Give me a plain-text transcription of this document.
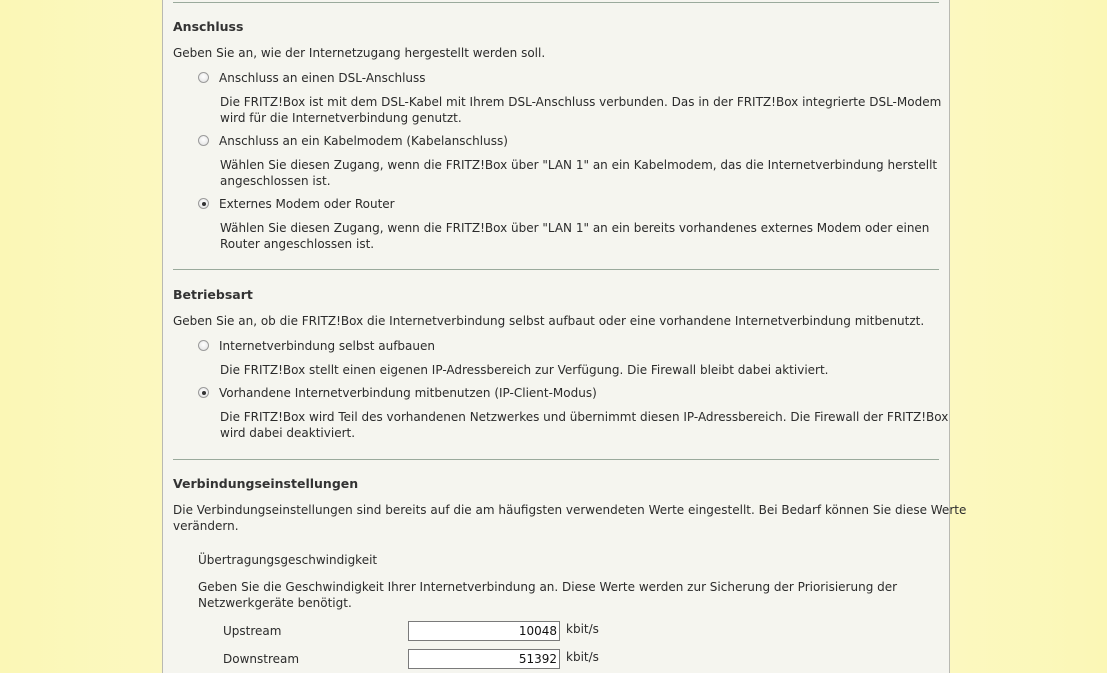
Anschluss
Geben Sie an, wie der Internetzugang hergestellt werden soll.
Anschluss an einen DSL-Anschluss
Die FRITZ!Box ist mit dem DSL-Kabel mit Ihrem DSL-Anschluss verbunden. Das in der FRITZ!Box integrierte DSL-Modem
wird für die Internetverbindung genutzt.
Anschluss an ein Kabelmodem (Kabelanschluss)
Wählen Sie diesen Zugang, wenn die FRITZ!Box über "LAN 1" an ein Kabelmodem, das die Internetverbindung herstellt
angeschlossen ist.
Externes Modem oder Router
Wählen Sie diesen Zugang, wenn die FRITZ!Box über "LAN 1" an ein bereits vorhandenes externes Modem oder einen
Router angeschlossen ist.
Betriebsart
Geben Sie an, ob die FRITZ!Box die Internetverbindung selbst aufbaut oder eine vorhandene Internetverbindung mitbenutzt.
Internetverbindung selbst aufbauen
Die FRITZ!Box stellt einen eigenen IP-Adressbereich zur Verfügung. Die Firewall bleibt dabei aktiviert.
Vorhandene Internetverbindung mitbenutzen (IP-Client-Modus)
Die FRITZ!Box wird Teil des vorhandenen Netzwerkes und übernimmt diesen IP-Adressbereich. Die Firewall der FRITZ!Box
wird dabei deaktiviert.
Verbindungseinstellungen
Die Verbindungseinstellungen sind bereits auf die am häufigsten verwendeten Werte eingestellt. Bei Bedarf können Sie diese Werte
verändern.
Übertragungsgeschwindigkeit
Geben Sie die Geschwindigkeit Ihrer Internetverbindung an. Diese Werte werden zur Sicherung der Priorisierung der
Netzwerkgeräte benötigt.
Upstream	10048 kbit/s
Downstream	51392 kbit/s
